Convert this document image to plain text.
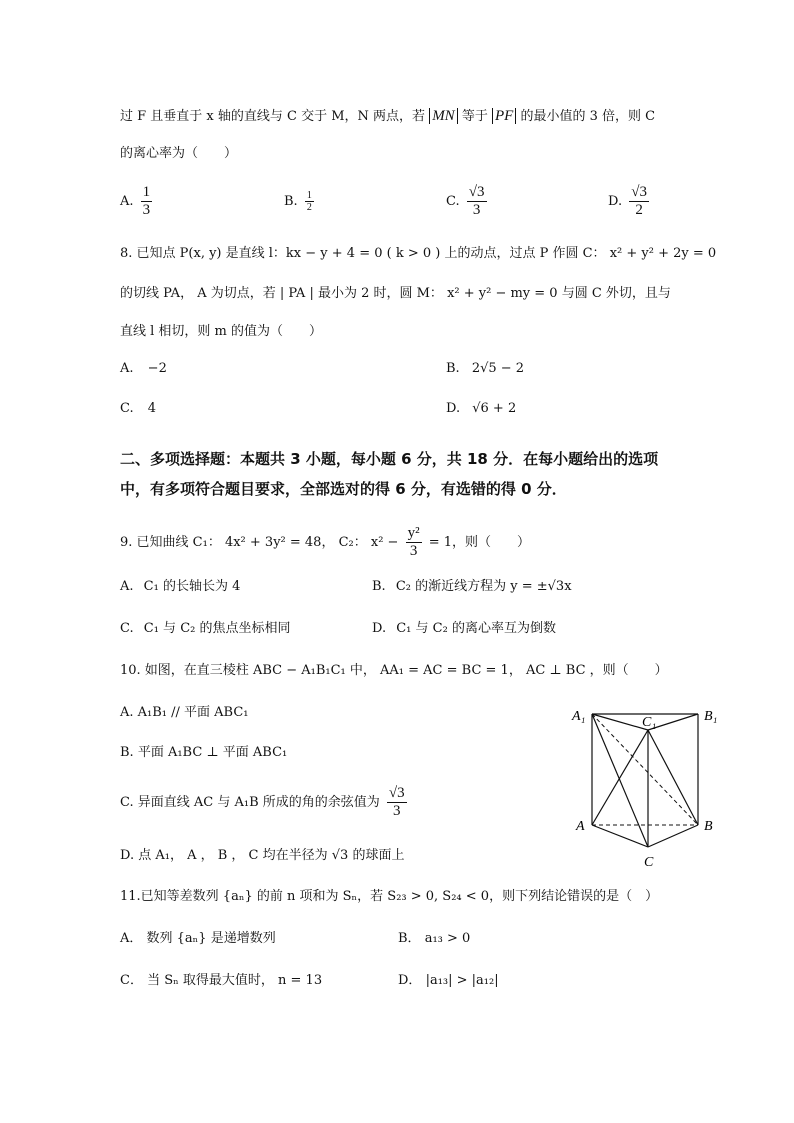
过 F 且垂直于 x 轴的直线与 C 交于 M，N 两点，若 MN 等于 PF 的最小值的 3 倍，则 C
的离心率为（　　）
A. $\frac{1}{3}$	B. $\frac{1}{2}$	C. $\frac{√3}{3}$	D. $\frac{√3}{2}$
8. 已知点 P(x, y) 是直线 l：kx − y + 4 = 0 ( k > 0 ) 上的动点，过点 P 作圆 C： x² + y² + 2y = 0
的切线 PA， A 为切点，若 | PA | 最小为 2 时，圆 M： x² + y² − my = 0 与圆 C 外切，且与
直线 l 相切，则 m 的值为（　　）
A. −2	B. 2√5 − 2
C. 4	D. √6 + 2
二、多项选择题：本题共 3 小题，每小题 6 分，共 18 分．在每小题给出的选项
中，有多项符合题目要求，全部选对的得 6 分，有选错的得 0 分．
9. 已知曲线 C₁： 4x² + 3y² = 48， C₂： $x^2 - \frac{\text{y²}}{3} = 1$，则（　　）
A. C₁ 的长轴长为 4	B. C₂ 的渐近线方程为 y = ±√3x
C. C₁ 与 C₂ 的焦点坐标相同	D. C₁ 与 C₂ 的离心率互为倒数
10. 如图，在直三棱柱 ABC − A₁B₁C₁ 中， AA₁ = AC = BC = 1， AC ⊥ BC ，则（　　）
A. A₁B₁ // 平面 ABC₁
B. 平面 A₁BC ⊥ 平面 ABC₁
C. 异面直线 AC 与 A₁B 所成的角的余弦值为 $\frac{√3}{3}$
D. 点 A₁， A ， B ， C 均在半径为 √3 的球面上
A₁	C₁	B₁
A	B
C
11.已知等差数列 {aₙ} 的前 n 项和为 Sₙ，若 S₂₃ > 0, S₂₄ < 0，则下列结论错误的是（　）
A． 数列 {aₙ} 是递增数列	B． a₁₃ > 0
C． 当 Sₙ 取得最大值时， n = 13	D． |a₁₃| > |a₁₂|
